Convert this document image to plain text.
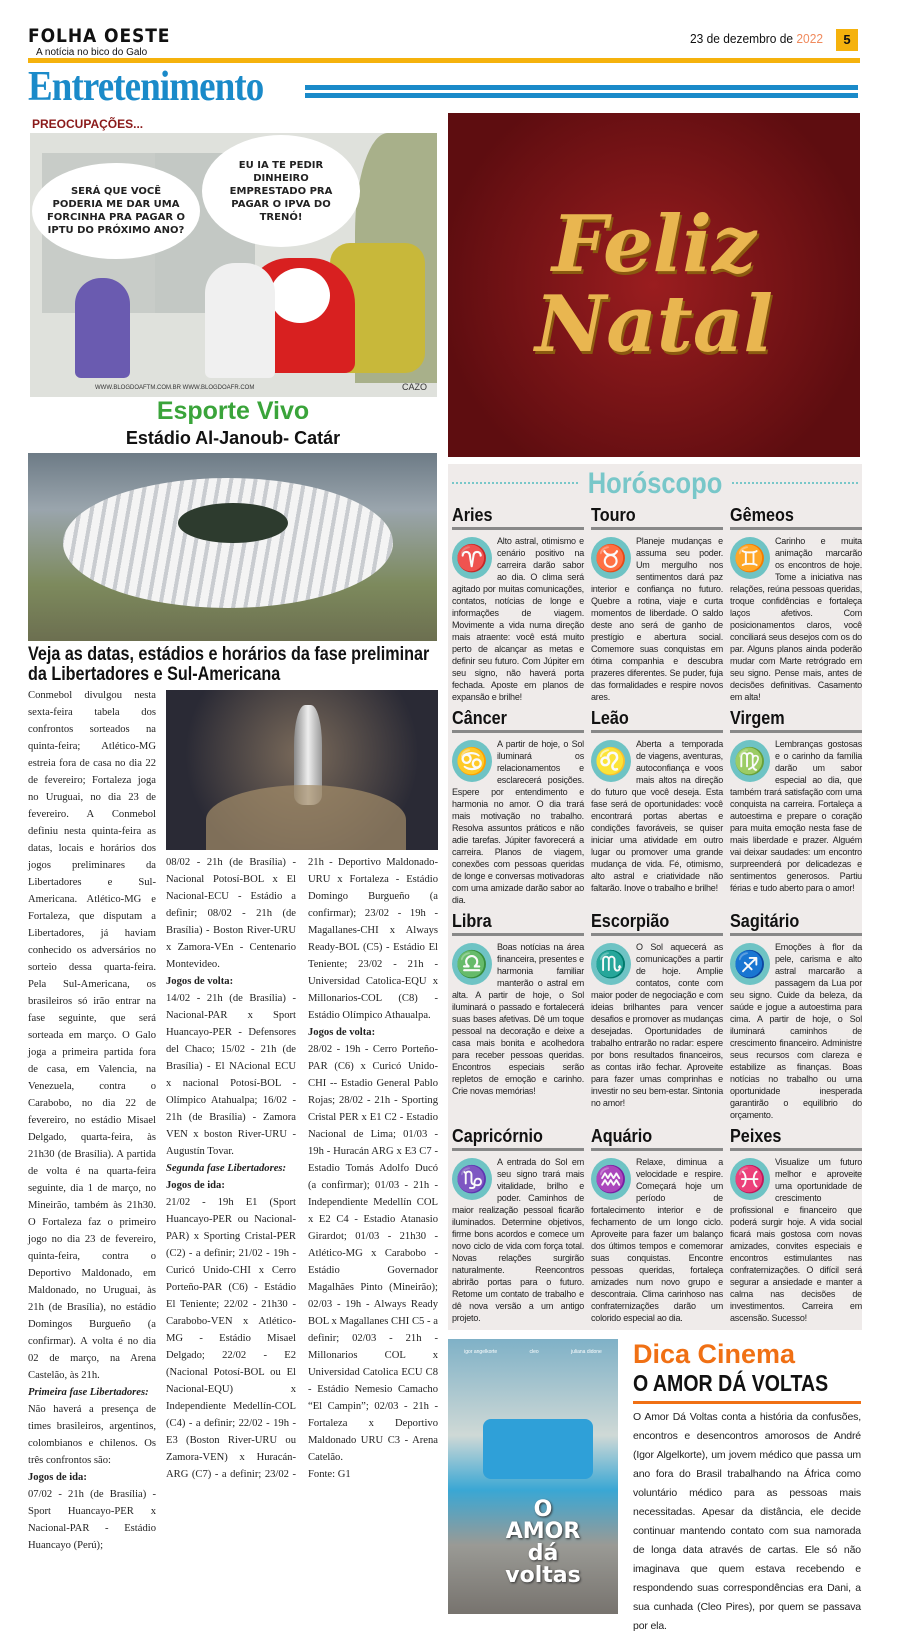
FOLHA OESTE
A notícia no bico do Galo
23 de dezembro de 2022	5
Entretenimento
PREOCUPAÇÕES...
SERÁ QUE VOCÊ PODERIA ME DAR UMA FORCINHA PRA PAGAR O IPTU DO PRÓXIMO ANO?
EU IA TE PEDIR DINHEIRO EMPRESTADO PRA PAGAR O IPVA DO TRENÓ!
WWW.BLOGDOAFTM.COM.BR WWW.BLOGDOAFR.COM	CAZO
Esporte Vivo
Estádio Al-Janoub- Catár
Veja as datas, estádios e horários da fase preliminar da Libertadores e Sul-Americana

Conmebol divulgou nesta sexta-feira tabela dos confrontos sorteados na quinta-feira; Atlético-MG estreia fora de casa no dia 22 de fevereiro; Fortaleza joga no Uruguai, no dia 23 de fevereiro. A Conmebol definiu nesta quinta-feira as datas, locais e horários dos jogos preliminares da Libertadores e Sul-Americana. Atlético-MG e Fortaleza, que disputam a Libertadores, já haviam conhecido os adversários no sorteio dessa quarta-feira. Pela Sul-Americana, os brasileiros só irão entrar na fase seguinte, que será sorteada em março. O Galo joga a primeira partida fora de casa, em Valencia, na Venezuela, contra o Carabobo, no dia 22 de fevereiro, no estádio Misael Delgado, quarta-feira, às 21h30 (de Brasília). A partida de volta é na quarta-feira seguinte, dia 1 de março, no Mineirão, também às 21h30. O Fortaleza faz o primeiro jogo no dia 23 de fevereiro, quinta-feira, contra o Deportivo Maldonado, em Maldonado, no Uruguai, às 21h (de Brasília), no estádio Domingos Burgueño (a confirmar). A volta é no dia 02 de março, na Arena Castelão, às 21h.

Primeira fase Libertadores:

Não haverá a presença de times brasileiros, argentinos, colombianos e chilenos. Os três confrontos são:

Jogos de ida:

07/02 - 21h (de Brasília) - Sport Huancayo-PER x Nacional-PAR - Estádio Huancayo (Perú);

08/02 - 21h (de Brasília) - Nacional Potosí-BOL x El Nacional-ECU - Estádio a definir; 08/02 - 21h (de Brasília) - Boston River-URU x Zamora-VEn - Centenario Montevideo.

Jogos de volta:

14/02 - 21h (de Brasília) - Nacional-PAR x Sport Huancayo-PER - Defensores del Chaco; 15/02 - 21h (de Brasília) - El NAcional ECU x nacional Potosí-BOL - Olímpico Atahualpa; 16/02 - 21h (de Brasília) - Zamora VEN x boston River-URU - Augustín Tovar.

Segunda fase Libertadores:

Jogos de ida:

21/02 - 19h E1 (Sport Huancayo-PER ou Nacional-PAR) x Sporting Cristal-PER (C2) - a definir; 21/02 - 19h - Curicó Unido-CHI x Cerro Porteño-PAR (C6) - Estádio El Teniente; 22/02 - 21h30 - Carabobo-VEN x Atlético-MG - Estádio Misael Delgado; 22/02 - E2 (Nacional Potosí-BOL ou El Nacional-EQU) x Independiente Medellín-COL (C4) - a definir; 22/02 - 19h - E3 (Boston River-URU ou Zamora-VEN) x Huracán-ARG (C7) - a definir; 23/02 - 21h - Deportivo Maldonado-URU x Fortaleza - Estádio Domingo Burgueño (a confirmar); 23/02 - 19h - Magallanes-CHI x Always Ready-BOL (C5) - Estádio El Teniente; 23/02 - 21h - Universidad Catolica-EQU x Millonarios-COL (C8) - Estádio Olímpico Athaualpa.

Jogos de volta:

28/02 - 19h - Cerro Porteño-PAR (C6) x Curicó Unido-CHI -- Estadio General Pablo Rojas; 28/02 - 21h - Sporting Cristal PER x E1 C2 - Estadio Nacional de Lima; 01/03 - 19h - Huracán ARG x E3 C7 - Estadio Tomás Adolfo Ducó (a confirmar); 01/03 - 21h - Independiente Medellín COL x E2 C4 - Estadio Atanasio Girardot; 01/03 - 21h30 - Atlético-MG x Carabobo - Estádio Governador Magalhães Pinto (Mineirão); 02/03 - 19h - Always Ready BOL x Magallanes CHI C5 - a definir; 02/03 - 21h - Millonarios COL x Universidad Catolica ECU C8 - Estádio Nemesio Camacho “El Campin”; 02/03 - 21h - Fortaleza x Deportivo Maldonado URU C3 - Arena Catelão.

Fonte: G1

Feliz
Natal
Horóscopo
Aries

♈
Alto astral, otimismo e cenário positivo na carreira darão sabor ao dia. O clima será agitado por muitas comunicações, contatos, notícias de longe e informações de viagem. Movimente a vida numa direção mais atraente: você está muito perto de alcançar as metas e definir seu futuro. Com Júpiter em seu signo, não haverá porta fechada. Aposte em planos de expansão e brilhe!

Touro

♉
Planeje mudanças e assuma seu poder. Um mergulho nos sentimentos dará paz interior e confiança no futuro. Quebre a rotina, viaje e curta momentos de liberdade. O saldo deste ano será de ganho de prestígio e abertura social. Comemore suas conquistas em ótima companhia e descubra prazeres diferentes. Se puder, fuja das formalidades e respire novos ares.

Gêmeos

♊
Carinho e muita animação marcarão os encontros de hoje. Tome a iniciativa nas relações, reúna pessoas queridas, troque confidências e fortaleça laços afetivos. Com posicionamentos claros, você conciliará seus desejos com os do par. Alguns planos ainda poderão mudar com Marte retrógrado em seu signo. Pense mais, antes de decisões definitivas. Casamento em alta!

Câncer

♋
A partir de hoje, o Sol iluminará os relacionamentos e esclarecerá posições. Espere por entendimento e harmonia no amor. O dia trará mais motivação no trabalho. Resolva assuntos práticos e não adie tarefas. Júpiter favorecerá a carreira. Planos de viagem, conexões com pessoas queridas de longe e conversas motivadoras com uma amizade darão sabor ao dia.

Leão

♌
Aberta a temporada de viagens, aventuras, autoconfiança e voos mais altos na direção do futuro que você deseja. Esta fase será de oportunidades: você encontrará portas abertas e condições favoráveis, se quiser iniciar uma atividade em outro lugar ou promover uma grande mudança de vida. Fé, otimismo, alto astral e criatividade não faltarão. Inove o trabalho e brilhe!

Virgem

♍
Lembranças gostosas e o carinho da família darão um sabor especial ao dia, que também trará satisfação com uma conquista na carreira. Fortaleça a autoestima e prepare o coração para muita emoção nesta fase de mais liberdade e prazer. Alguém vai deixar saudades: um encontro surpreenderá por delicadezas e sentimentos generosos. Partiu férias e tudo aberto para o amor!

Libra

♎
Boas notícias na área financeira, presentes e harmonia familiar manterão o astral em alta. A partir de hoje, o Sol iluminará o passado e fortalecerá suas bases afetivas. Dê um toque pessoal na decoração e deixe a casa mais bonita e acolhedora para receber pessoas queridas. Encontros especiais serão repletos de emoção e carinho. Crie novas memórias!

Escorpião

♏
O Sol aquecerá as comunicações a partir de hoje. Amplie contatos, conte com maior poder de negociação e com ideias brilhantes para vencer desafios e promover as mudanças desejadas. Oportunidades de trabalho entrarão no radar: espere por bons resultados financeiros, as contas irão fechar. Aproveite para fazer umas comprinhas e investir no seu bem-estar. Sintonia no amor!

Sagitário

♐
Emoções à flor da pele, carisma e alto astral marcarão a passagem da Lua por seu signo. Cuide da beleza, da saúde e jogue a autoestima para cima. A partir de hoje, o Sol iluminará caminhos de crescimento financeiro. Administre seus recursos com clareza e estabilize as finanças. Boas notícias no trabalho ou uma oportunidade inesperada garantirão o equilíbrio do orçamento.

Capricórnio

♑
A entrada do Sol em seu signo trará mais vitalidade, brilho e poder. Caminhos de maior realização pessoal ficarão iluminados. Determine objetivos, firme bons acordos e comece um novo ciclo de vida com força total. Novas relações surgirão naturalmente. Reencontros abrirão portas para o futuro. Retome um contato de trabalho e dê nova versão a um antigo projeto.

Aquário

♒
Relaxe, diminua a velocidade e respire. Começará hoje um período de fortalecimento interior e de fechamento de um longo ciclo. Aproveite para fazer um balanço dos últimos tempos e comemorar suas conquistas. Encontre pessoas queridas, fortaleça amizades num novo grupo e descontraia. Clima carinhoso nas confraternizações darão um colorido especial ao dia.

Peixes

♓
Visualize um futuro melhor e aproveite uma oportunidade de crescimento profissional e financeiro que poderá surgir hoje. A vida social ficará mais gostosa com novas amizades, convites especiais e encontros estimulantes nas confraternizações. O difícil será segurar a ansiedade e manter a calma nas decisões de investimentos. Carreira em ascensão. Sucesso!

igor angelkorte	cleo	juliana didone
O
AMOR
dá
voltas
Dica Cinema
O AMOR DÁ VOLTAS
O Amor Dá Voltas conta a história da confusões, encontros e desencontros amorosos de André (Igor Algelkorte), um jovem médico que passa um ano fora do Brasil trabalhando na África como voluntário médico para as pessoas mais necessitadas. Apesar da distância, ele decide continuar mantendo contato com sua namorada de longa data através de cartas. Ele só não imaginava que quem estava recebendo e respondendo suas correspondências era Dani, a sua cunhada (Cleo Pires), por quem se passava por ela.
